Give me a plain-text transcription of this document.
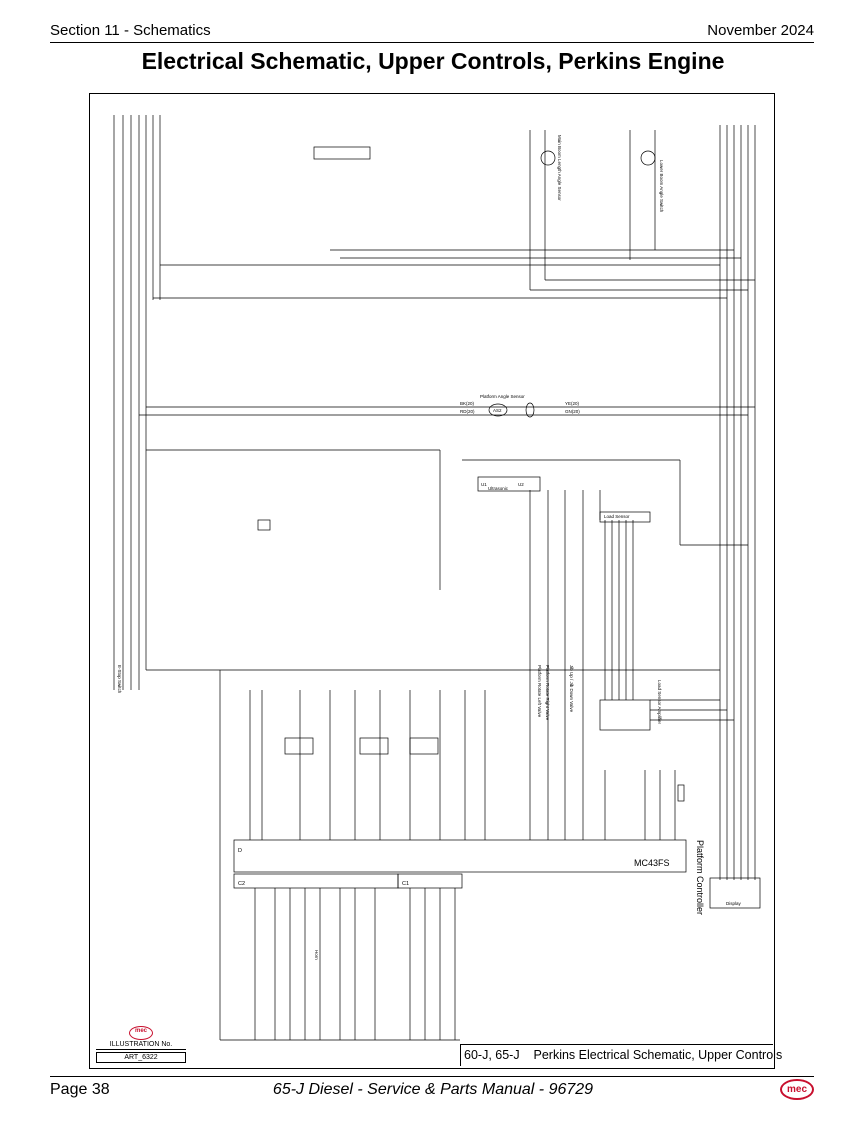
Section 11 - Schematics	November 2024
Electrical Schematic, Upper Controls, Perkins Engine
MC43FS	Platform Controller
D
C2	C1
Platform Angle Sensor
AS2
BK(20)
RD(20)
YE(20)
GN(20)
Lower Boom Angle Switch
Main Boom Length Angle Sensor
Load Sensor
Load Sensor Amplifier
Display
U1	U2
Ultrasonic
E-Stop Switch
Horn
Jib Up / Jib Down Valve
Platform Rotate Left Valve Platform Rotate Right Valve
mec
ILLUSTRATION No.
ART_6322	60-J, 65-J Perkins Electrical Schematic, Upper Controls
Page 38	65-J Diesel - Service & Parts Manual - 96729	mec
